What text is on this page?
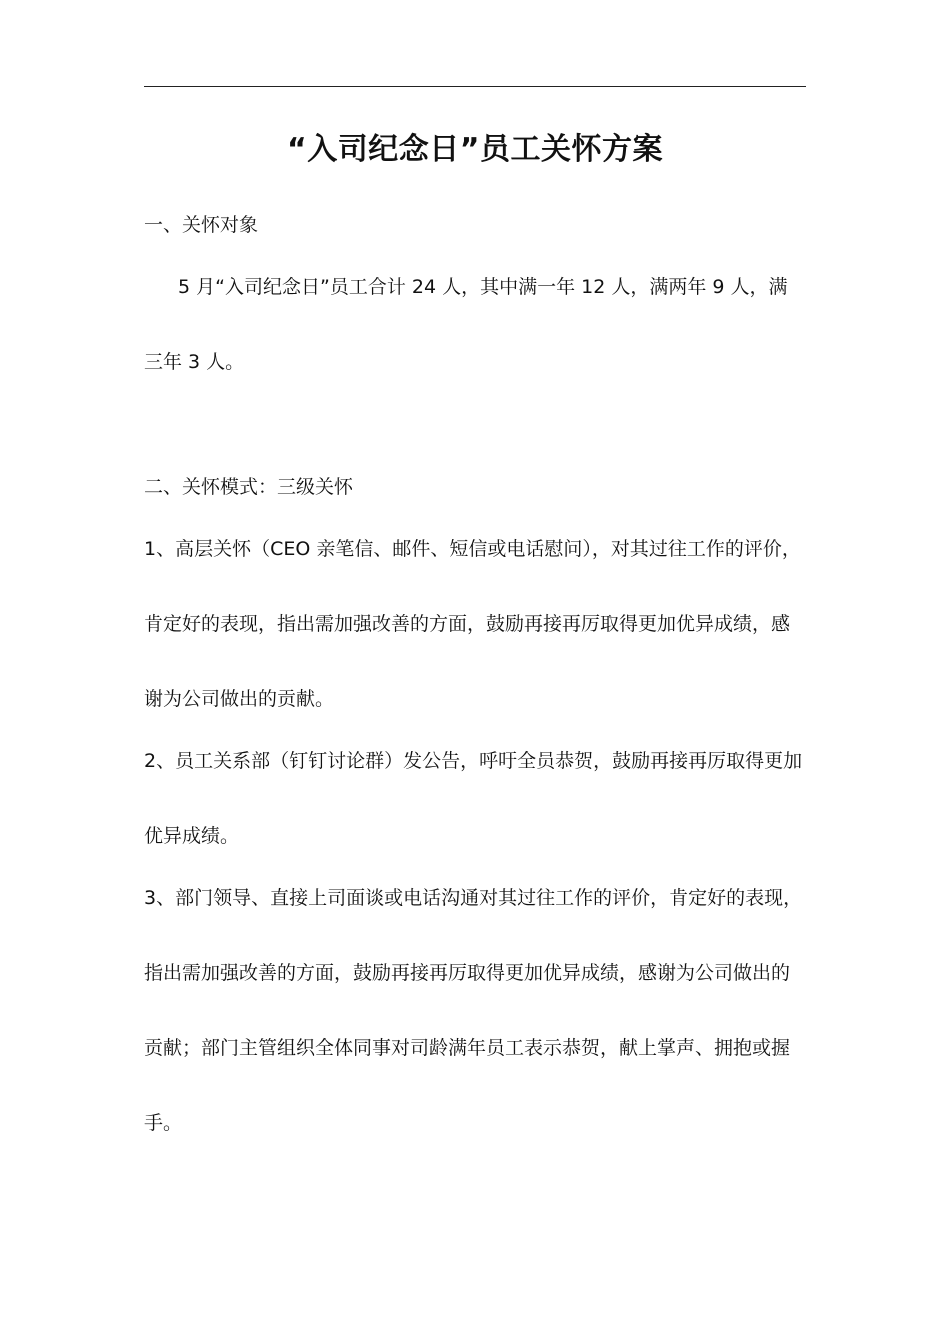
“入司纪念日”员工关怀方案
一、关怀对象
5 月“入司纪念日”员工合计 24 人，其中满一年 12 人，满两年 9 人，满
三年 3 人。
二、关怀模式：三级关怀
1、高层关怀（CEO 亲笔信、邮件、短信或电话慰问），对其过往工作的评价，
肯定好的表现，指出需加强改善的方面，鼓励再接再厉取得更加优异成绩，感
谢为公司做出的贡献。
2、员工关系部（钉钉讨论群）发公告，呼吁全员恭贺，鼓励再接再厉取得更加
优异成绩。
3、部门领导、直接上司面谈或电话沟通对其过往工作的评价，肯定好的表现，
指出需加强改善的方面，鼓励再接再厉取得更加优异成绩，感谢为公司做出的
贡献；部门主管组织全体同事对司龄满年员工表示恭贺，献上掌声、拥抱或握
手。
